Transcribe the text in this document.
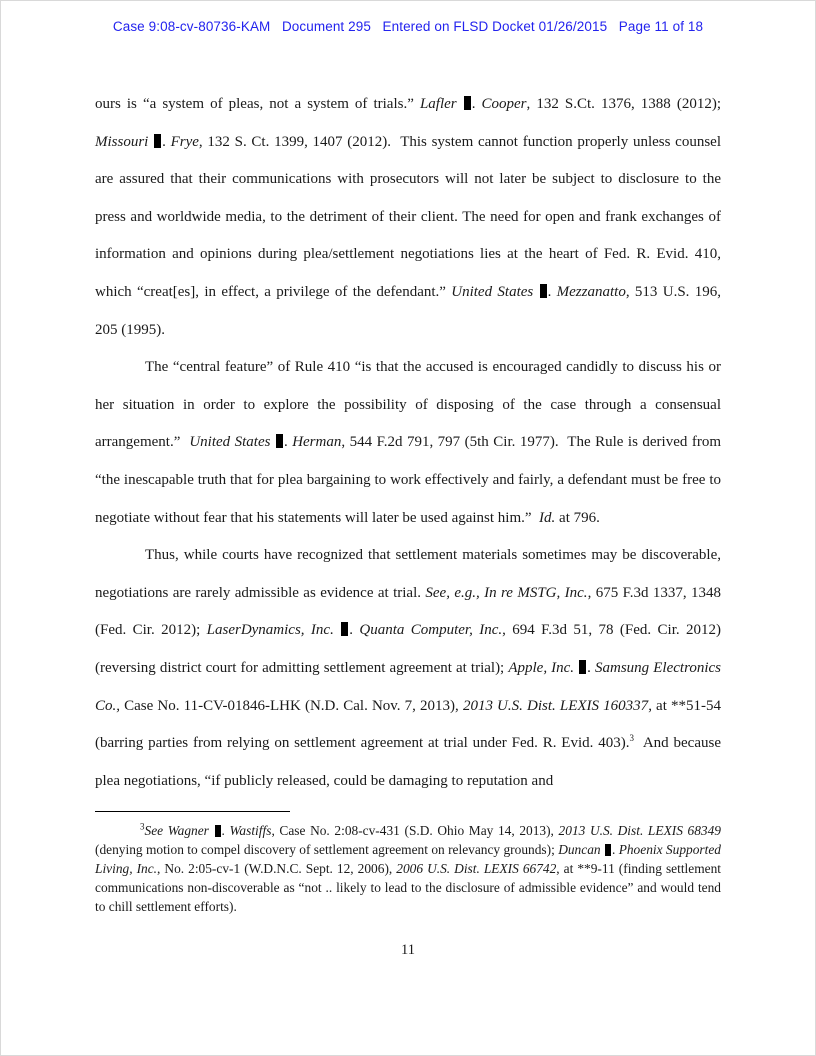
Case 9:08-cv-80736-KAM   Document 295   Entered on FLSD Docket 01/26/2015   Page 11 of 18

ours is “a system of pleas, not a system of trials.” Lafler . Cooper, 132 S.Ct. 1376, 1388 (2012); Missouri . Frye, 132 S. Ct. 1399, 1407 (2012).  This system cannot function properly unless counsel are assured that their communications with prosecutors will not later be subject to disclosure to the press and worldwide media, to the detriment of their client. The need for open and frank exchanges of information and opinions during plea/settlement negotiations lies at the heart of Fed. R. Evid. 410, which “creat[es], in effect, a privilege of the defendant.” United States . Mezzanatto, 513 U.S. 196, 205 (1995).

The “central feature” of Rule 410 “is that the accused is encouraged candidly to discuss his or her situation in order to explore the possibility of disposing of the case through a consensual arrangement.”  United States . Herman, 544 F.2d 791, 797 (5th Cir. 1977).  The Rule is derived from “the inescapable truth that for plea bargaining to work effectively and fairly, a defendant must be free to negotiate without fear that his statements will later be used against him.”  Id. at 796.

Thus, while courts have recognized that settlement materials sometimes may be discoverable, negotiations are rarely admissible as evidence at trial. See, e.g., In re MSTG, Inc., 675 F.3d 1337, 1348 (Fed. Cir. 2012); LaserDynamics, Inc. . Quanta Computer, Inc., 694 F.3d 51, 78 (Fed. Cir. 2012) (reversing district court for admitting settlement agreement at trial); Apple, Inc. . Samsung Electronics Co., Case No. 11-CV-01846-LHK (N.D. Cal. Nov. 7, 2013), 2013 U.S. Dist. LEXIS 160337, at **51-54 (barring parties from relying on settlement agreement at trial under Fed. R. Evid. 403).$^3$  And because plea negotiations, “if publicly released, could be damaging to reputation and

$^3$See Wagner . Wastiffs, Case No. 2:08-cv-431 (S.D. Ohio May 14, 2013), 2013 U.S. Dist. LEXIS 68349 (denying motion to compel discovery of settlement agreement on relevancy grounds); Duncan . Phoenix Supported Living, Inc., No. 2:05-cv-1 (W.D.N.C. Sept. 12, 2006), 2006 U.S. Dist. LEXIS 66742, at **9-11 (finding settlement communications non-discoverable as “not .. likely to lead to the disclosure of admissible evidence” and would tend to chill settlement efforts).

11
